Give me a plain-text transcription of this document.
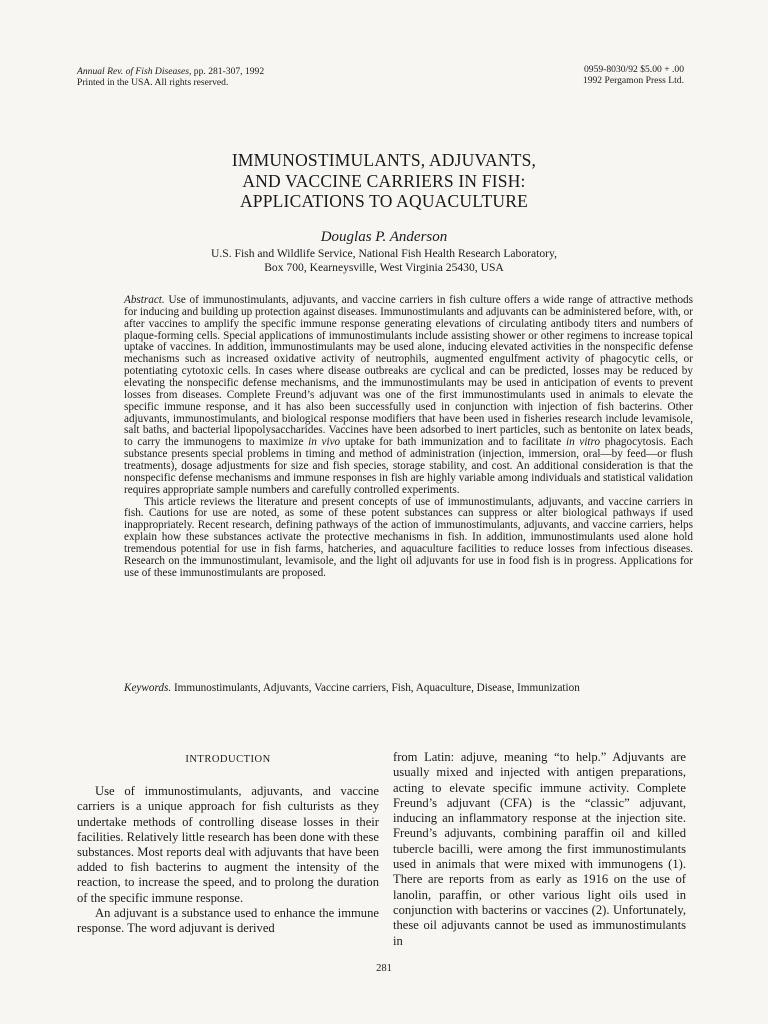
Annual Rev. of Fish Diseases, pp. 281-307, 1992
Printed in the USA. All rights reserved.
0959-8030/92 $5.00 + .00
1992 Pergamon Press Ltd.
IMMUNOSTIMULANTS, ADJUVANTS,
AND VACCINE CARRIERS IN FISH:
APPLICATIONS TO AQUACULTURE
Douglas P. Anderson
U.S. Fish and Wildlife Service, National Fish Health Research Laboratory,
Box 700, Kearneysville, West Virginia 25430, USA

Abstract. Use of immunostimulants, adjuvants, and vaccine carriers in fish culture offers a wide range of attractive methods for inducing and building up protection against diseases. Immunostimulants and adjuvants can be administered before, with, or after vaccines to amplify the specific immune response generating elevations of circulating antibody titers and numbers of plaque-forming cells. Special applications of immunostimulants include assisting shower or other regimens to increase topical uptake of vaccines. In addition, immunostimulants may be used alone, inducing elevated activities in the nonspecific defense mechanisms such as increased oxidative activity of neutrophils, augmented engulfment activity of phagocytic cells, or potentiating cytotoxic cells. In cases where disease outbreaks are cyclical and can be predicted, losses may be reduced by elevating the nonspecific defense mechanisms, and the immunostimulants may be used in anticipation of events to prevent losses from diseases. Complete Freund’s adjuvant was one of the first immunostimulants used in animals to elevate the specific immune response, and it has also been successfully used in conjunction with injection of fish bacterins. Other adjuvants, immunostimulants, and biological response modifiers that have been used in fisheries research include levamisole, salt baths, and bacterial lipopolysaccharides. Vaccines have been adsorbed to inert particles, such as bentonite on latex beads, to carry the immunogens to maximize in vivo uptake for bath immunization and to facilitate in vitro phagocytosis. Each substance presents special problems in timing and method of administration (injection, immersion, oral—by feed—or flush treatments), dosage adjustments for size and fish species, storage stability, and cost. An additional consideration is that the nonspecific defense mechanisms and immune responses in fish are highly variable among individuals and statistical validation requires appropriate sample numbers and carefully controlled experiments.

This article reviews the literature and present concepts of use of immunostimulants, adjuvants, and vaccine carriers in fish. Cautions for use are noted, as some of these potent substances can suppress or alter biological pathways if used inappropriately. Recent research, defining pathways of the action of immunostimulants, adjuvants, and vaccine carriers, helps explain how these substances activate the protective mechanisms in fish. In addition, immunostimulants used alone hold tremendous potential for use in fish farms, hatcheries, and aquaculture facilities to reduce losses from infectious diseases. Research on the immunostimulant, levamisole, and the light oil adjuvants for use in food fish is in progress. Applications for use of these immunostimulants are proposed.

Keywords. Immunostimulants, Adjuvants, Vaccine carriers, Fish, Aquaculture, Disease, Immunization
INTRODUCTION

Use of immunostimulants, adjuvants, and vaccine carriers is a unique approach for fish culturists as they undertake methods of controlling disease losses in their facilities. Relatively little research has been done with these substances. Most reports deal with adjuvants that have been added to fish bacterins to augment the intensity of the reaction, to increase the speed, and to prolong the duration of the specific immune response.

An adjuvant is a substance used to enhance the immune response. The word adjuvant is derived

from Latin: adjuve, meaning “to help.” Adjuvants are usually mixed and injected with antigen preparations, acting to elevate specific immune activity. Complete Freund’s adjuvant (CFA) is the “classic” adjuvant, inducing an inflammatory response at the injection site. Freund’s adjuvants, combining paraffin oil and killed tubercle bacilli, were among the first immunostimulants used in animals that were mixed with immunogens (1). There are reports from as early as 1916 on the use of lanolin, paraffin, or other various light oils used in conjunction with bacterins or vaccines (2). Unfortunately, these oil adjuvants cannot be used as immunostimulants in

281
